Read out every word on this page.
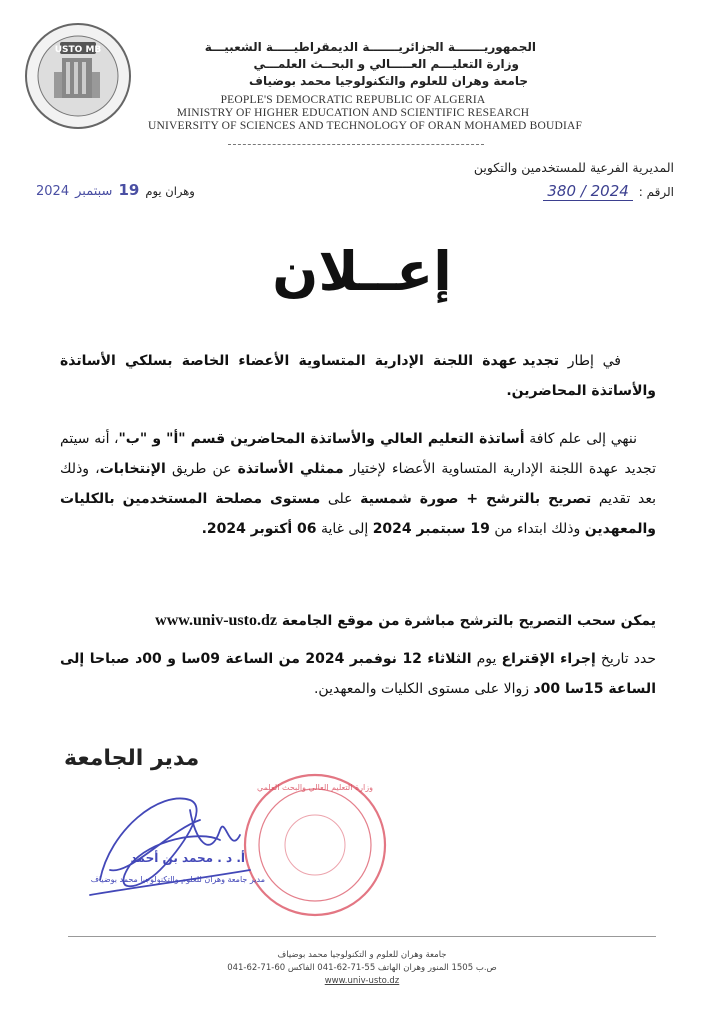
USTO MB	الجمهوريـــــــة الجزائريـــــــة الديمقراطيـــــة الشعبيـــة
وزارة التعليـــم العـــــالي و البحــث العلمـــي
جامعة وهران للعلوم والتكنولوجيا محمد بوضياف
PEOPLE'S DEMOCRATIC REPUBLIC OF ALGERIA
MINISTRY OF HIGHER EDUCATION AND SCIENTIFIC RESEARCH
UNIVERSITY OF SCIENCES AND TECHNOLOGY OF ORAN MOHAMED BOUDIAF
المديرية الفرعية للمستخدمين والتكوين
الرقم :
2024 / 380
2024 سبتمبر 19 وهران يوم
إعــلان
في إطار تجديد عهدة اللجنة الإدارية المتساوية الأعضاء الخاصة بسلكي الأساتذة والأساتذة المحاضرين.
ننهي إلى علم كافة أساتذة التعليم العالي والأساتذة المحاضرين قسم "أ" و "ب"، أنه سيتم تجديد عهدة اللجنة الإدارية المتساوية الأعضاء لإختيار ممثلي الأساتذة عن طريق الإنتخابات، وذلك بعد تقديم تصريح بالترشح + صورة شمسية على مستوى مصلحة المستخدمين بالكليات والمعهدين وذلك ابتداء من 19 سبتمبر 2024 إلى غاية 06 أكتوبر 2024.
يمكن سحب التصريح بالترشح مباشرة من موقع الجامعة www.univ-usto.dz
حدد تاريخ إجراء الإقتراع يوم الثلاثاء 12 نوفمبر 2024 من الساعة 09سا و 00د صباحا إلى الساعة 15سا 00د زوالا على مستوى الكليات والمعهدين.
مدير الجامعة
وزارة التعليم العالي والبحث العلمي
أ. د . محمد بن أحمد
مدير جامعة وهران للعلوم والتكنولوجيا محمد بوضياف
جامعة وهران للعلوم و التكنولوجيا محمد بوضياف
ص.ب 1505 المنور وهران الهاتف 55-71-62-041 الفاكس 60-71-62-041
www.univ-usto.dz
